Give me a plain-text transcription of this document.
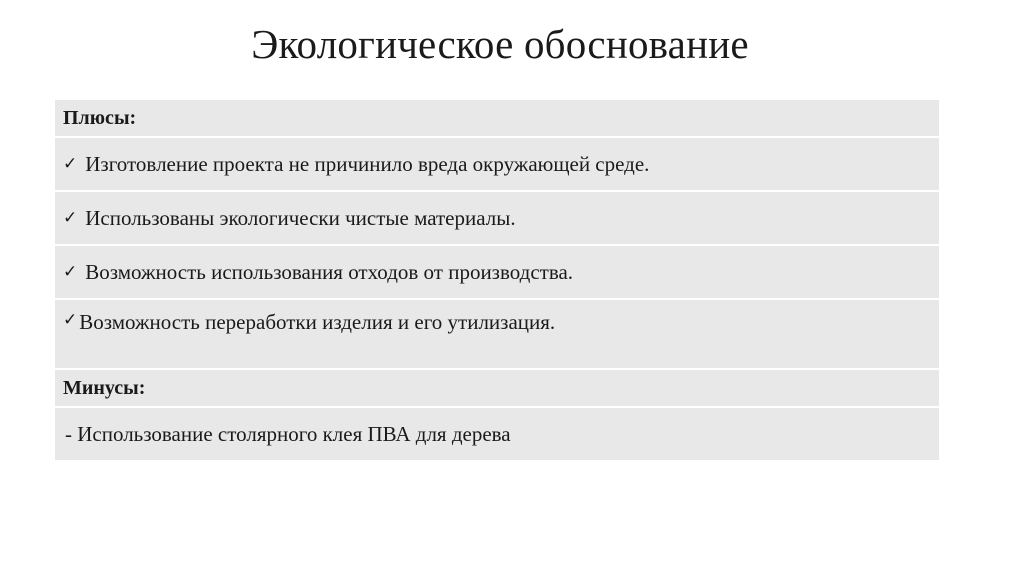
Экологическое обоснование
Плюсы:
✓ Изготовление проекта не причинило вреда окружающей среде.
✓ Использованы экологически чистые материалы.
✓ Возможность использования отходов от производства.
✓ Возможность переработки изделия и его утилизация.
Минусы:
- Использование столярного клея ПВА для дерева
